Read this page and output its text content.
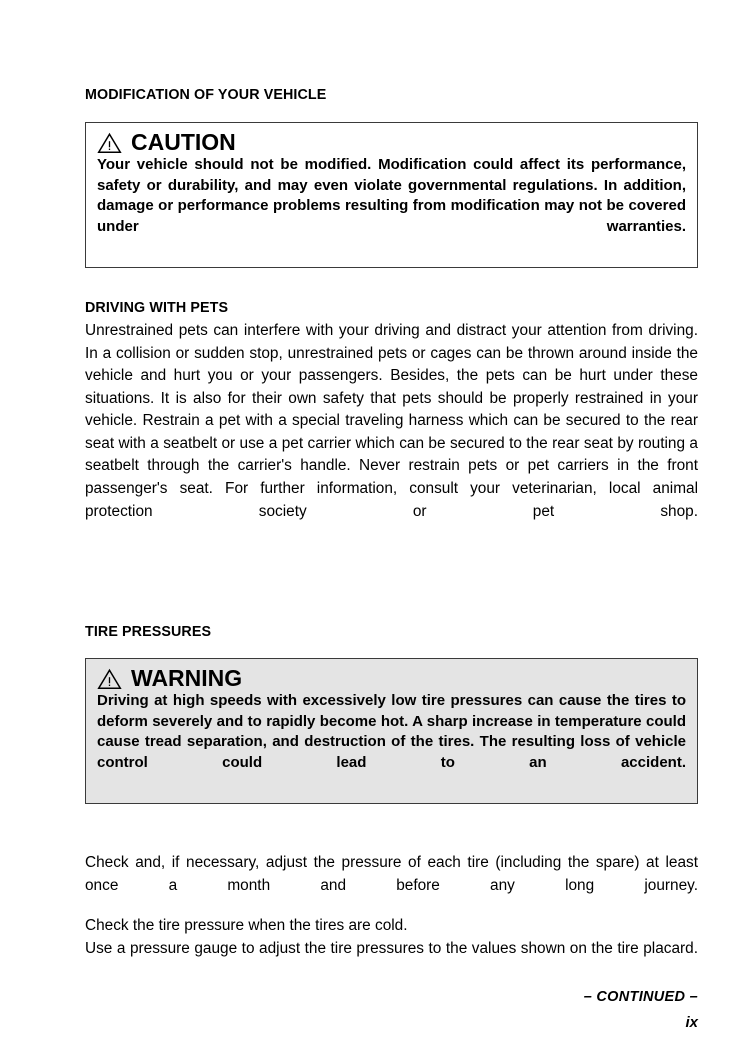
MODIFICATION OF YOUR VEHICLE
CAUTION

Your vehicle should not be modified. Modification could affect its performance, safety or durability, and may even violate governmental regulations. In addition, damage or performance problems resulting from modification may not be covered under warranties.

DRIVING WITH PETS

Unrestrained pets can interfere with your driving and distract your attention from driving. In a collision or sudden stop, unrestrained pets or cages can be thrown around inside the vehicle and hurt you or your passengers. Besides, the pets can be hurt under these situations. It is also for their own safety that pets should be properly restrained in your vehicle. Restrain a pet with a special traveling harness which can be secured to the rear seat with a seatbelt or use a pet carrier which can be secured to the rear seat by routing a seatbelt through the carrier's handle. Never restrain pets or pet carriers in the front passenger's seat. For further information, consult your veterinarian, local animal protection society or pet shop.

TIRE PRESSURES
WARNING

Driving at high speeds with excessively low tire pressures can cause the tires to deform severely and to rapidly become hot. A sharp increase in temperature could cause tread separation, and destruction of the tires. The resulting loss of vehicle control could lead to an accident.

Check and, if necessary, adjust the pressure of each tire (including the spare) at least once a month and before any long journey.

Check the tire pressure when the tires are cold.

Use a pressure gauge to adjust the tire pressures to the values shown on the tire placard.

– CONTINUED –
ix
